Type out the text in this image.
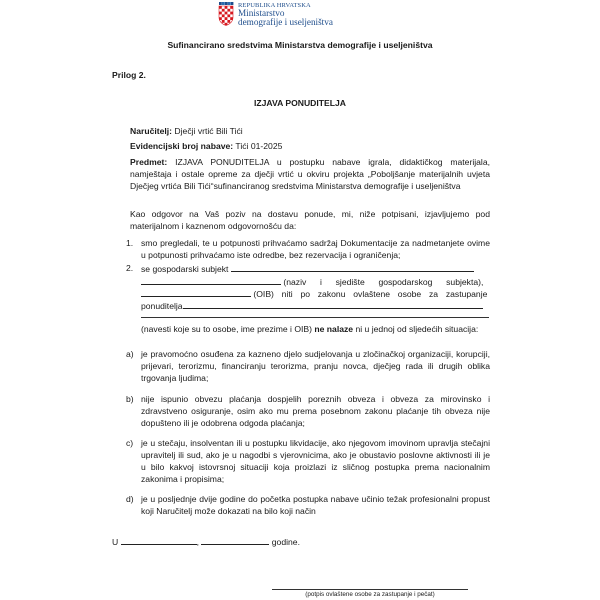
REPUBLIKA HRVATSKA
Ministarstvo
demografije i useljeništva
Sufinancirano sredstvima Ministarstva demografije i useljeništva
Prilog 2.
IZJAVA PONUDITELJA
Naručitelj: Dječji vrtić Bili Tići
Evidencijski broj nabave: Tići 01-2025
Predmet: IZJAVA PONUDITELJA u postupku nabave igrala, didaktičkog materijala, namještaja i ostale opreme za dječji vrtić u okviru projekta „Poboljšanje materijalnih uvjeta Dječjeg vrtića Bili Tići“sufinanciranog sredstvima Ministarstva demografije i useljeništva
Kao odgovor na Vaš poziv na dostavu ponude, mi, niže potpisani, izjavljujemo pod materijalnom i kaznenom odgovornošću da:
1. smo pregledali, te u potpunosti prihvaćamo sadržaj Dokumentacije za nadmetanjete ovime u potpunosti prihvaćamo iste odredbe, bez rezervacija i ograničenja;
2. se gospodarski subjekt
(naziv i sjedište gospodarskog subjekta),
(OIB) niti po zakonu ovlaštene osobe za zastupanje
ponuditelja
(navesti koje su to osobe, ime prezime i OIB) ne nalaze ni u jednoj od sljedećih situacija:
a) je pravomoćno osuđena za kazneno djelo sudjelovanja u zločinačkoj organizaciji, korupciji, prijevari, terorizmu, financiranju terorizma, pranju novca, dječjeg rada ili drugih oblika trgovanja ljudima;
b) nije ispunio obvezu plaćanja dospjelih poreznih obveza i obveza za mirovinsko i zdravstveno osiguranje, osim ako mu prema posebnom zakonu plaćanje tih obveza nije dopušteno ili je odobrena odgoda plaćanja;
c) je u stečaju, insolventan ili u postupku likvidacije, ako njegovom imovinom upravlja stečajni upravitelj ili sud, ako je u nagodbi s vjerovnicima, ako je obustavio poslovne aktivnosti ili je u bilo kakvoj istovrsnoj situaciji koja proizlazi iz sličnog postupka prema nacionalnim zakonima i propisima;
d) je u posljednje dvije godine do početka postupka nabave učinio težak profesionalni propust koji Naručitelj može dokazati na bilo koji način
U	,	godine.
(potpis ovlaštene osobe za zastupanje i pečat)
